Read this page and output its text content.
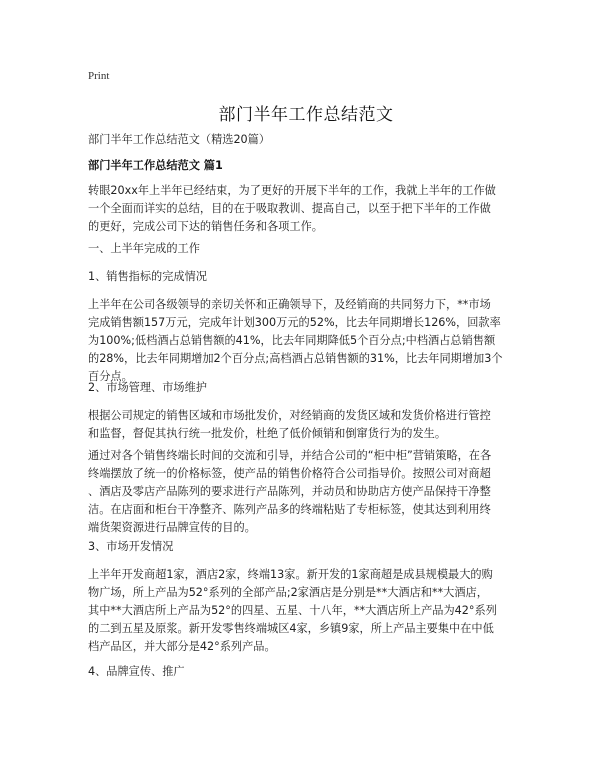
Print
部门半年工作总结范文
部门半年工作总结范文（精选20篇）
部门半年工作总结范文 篇1
转眼20xx年上半年已经结束，为了更好的开展下半年的工作，我就上半年的工作做
一个全面而详实的总结，目的在于吸取教训、提高自己，以至于把下半年的工作做
的更好，完成公司下达的销售任务和各项工作。
一、上半年完成的工作
1、销售指标的完成情况
上半年在公司各级领导的亲切关怀和正确领导下，及经销商的共同努力下，**市场
完成销售额157万元，完成年计划300万元的52%，比去年同期增长126%，回款率
为100%;低档酒占总销售额的41%，比去年同期降低5个百分点;中档酒占总销售额
的28%，比去年同期增加2个百分点;高档酒占总销售额的31%，比去年同期增加3个
百分点。
2、市场管理、市场维护
根据公司规定的销售区域和市场批发价，对经销商的发货区域和发货价格进行管控
和监督，督促其执行统一批发价，杜绝了低价倾销和倒窜货行为的发生。
通过对各个销售终端长时间的交流和引导，并结合公司的“柜中柜”营销策略，在各
终端摆放了统一的价格标签，使产品的销售价格符合公司指导价。按照公司对商超
、酒店及零店产品陈列的要求进行产品陈列，并动员和协助店方使产品保持干净整
洁。在店面和柜台干净整齐、陈列产品多的终端粘贴了专柜标签，使其达到利用终
端货架资源进行品牌宣传的目的。
3、市场开发情况
上半年开发商超1家，酒店2家，终端13家。新开发的1家商超是成县规模最大的购
物广场，所上产品为52°系列的全部产品;2家酒店是分别是**大酒店和**大酒店，
其中**大酒店所上产品为52°的四星、五星、十八年，**大酒店所上产品为42°系列
的二到五星及原浆。新开发零售终端城区4家，乡镇9家，所上产品主要集中在中低
档产品区，并大部分是42°系列产品。
4、品牌宣传、推广
